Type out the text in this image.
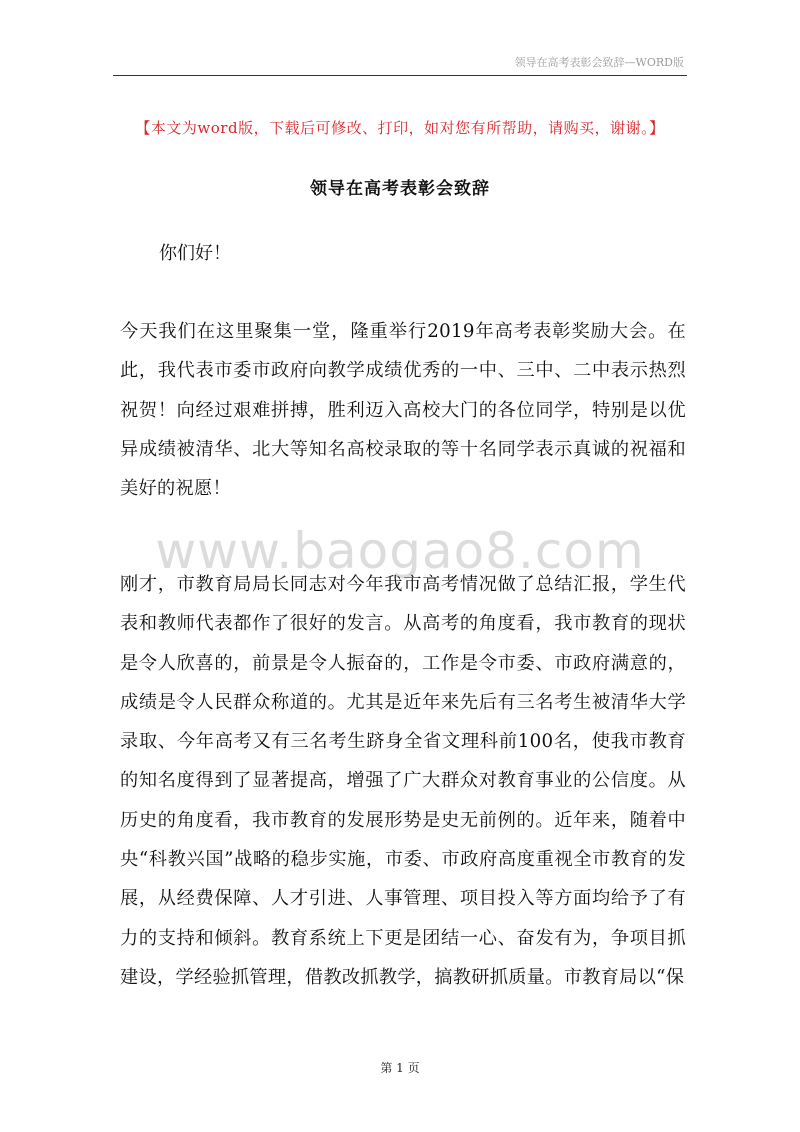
领导在高考表彰会致辞—WORD版
【本文为word版，下载后可修改、打印，如对您有所帮助，请购买，谢谢。】
领导在高考表彰会致辞
你们好！

今天我们在这里聚集一堂，隆重举行2019年高考表彰奖励大会。在此，我代表市委市政府向教学成绩优秀的一中、三中、二中表示热烈祝贺！向经过艰难拼搏，胜利迈入高校大门的各位同学，特别是以优异成绩被清华、北大等知名高校录取的等十名同学表示真诚的祝福和美好的祝愿！

www.baogao8.com

刚才，市教育局局长同志对今年我市高考情况做了总结汇报，学生代表和教师代表都作了很好的发言。从高考的角度看，我市教育的现状是令人欣喜的，前景是令人振奋的，工作是令市委、市政府满意的，成绩是令人民群众称道的。尤其是近年来先后有三名考生被清华大学录取、今年高考又有三名考生跻身全省文理科前100名，使我市教育的知名度得到了显著提高，增强了广大群众对教育事业的公信度。从历史的角度看，我市教育的发展形势是史无前例的。近年来，随着中央“科教兴国”战略的稳步实施，市委、市政府高度重视全市教育的发展，从经费保障、人才引进、人事管理、项目投入等方面均给予了有力的支持和倾斜。教育系统上下更是团结一心、奋发有为，争项目抓建设，学经验抓管理，借教改抓教学，搞教研抓质量。市教育局以“保

第 1 页
